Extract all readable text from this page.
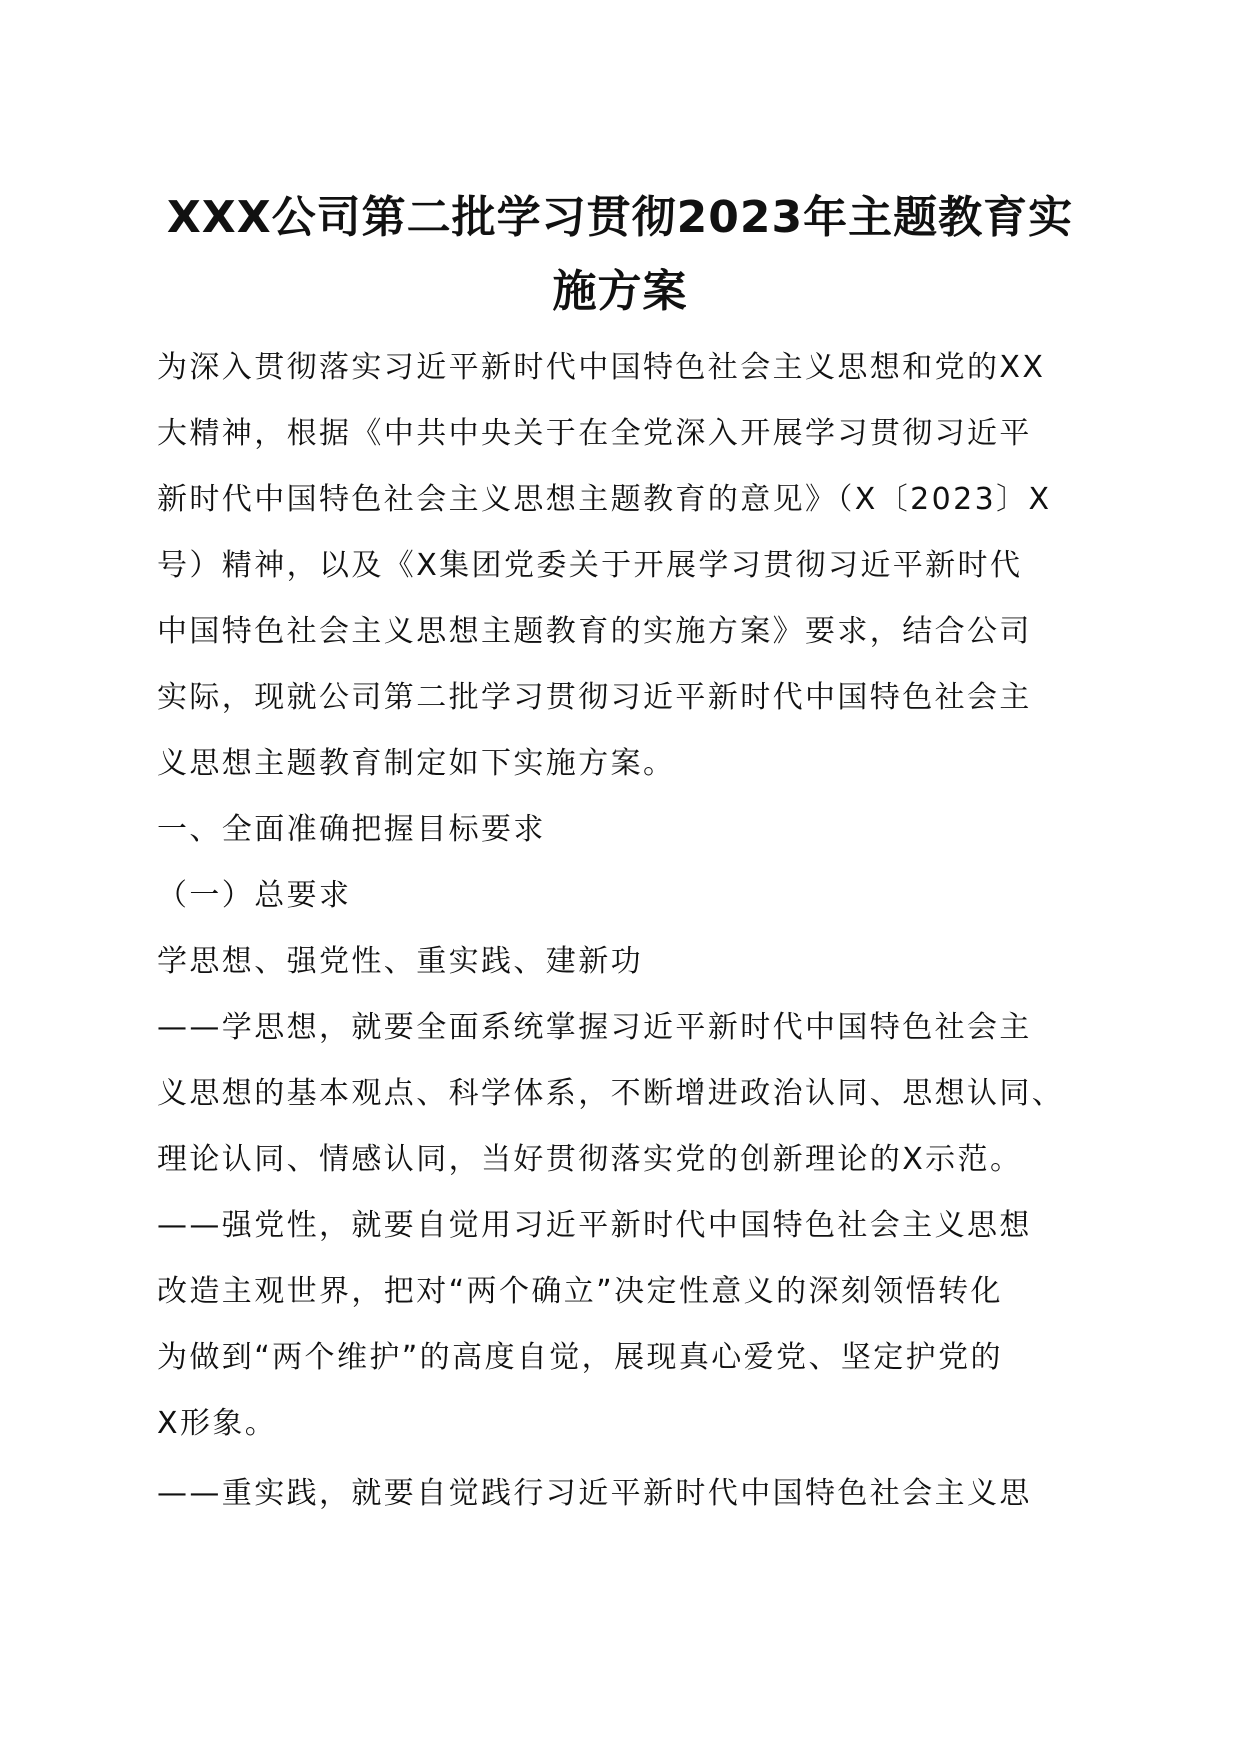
XXX公司第二批学习贯彻2023年主题教育实
施方案
为深入贯彻落实习近平新时代中国特色社会主义思想和党的XX
大精神，根据《中共中央关于在全党深入开展学习贯彻习近平
新时代中国特色社会主义思想主题教育的意见》（X〔2023〕X
号）精神，以及《X集团党委关于开展学习贯彻习近平新时代
中国特色社会主义思想主题教育的实施方案》要求，结合公司
实际，现就公司第二批学习贯彻习近平新时代中国特色社会主
义思想主题教育制定如下实施方案。
一、全面准确把握目标要求
（一）总要求
学思想、强党性、重实践、建新功
——学思想，就要全面系统掌握习近平新时代中国特色社会主
义思想的基本观点、科学体系，不断增进政治认同、思想认同、
理论认同、情感认同，当好贯彻落实党的创新理论的X示范。
——强党性，就要自觉用习近平新时代中国特色社会主义思想
改造主观世界，把对“两个确立”决定性意义的深刻领悟转化
为做到“两个维护”的高度自觉，展现真心爱党、坚定护党的
X形象。
——重实践，就要自觉践行习近平新时代中国特色社会主义思
